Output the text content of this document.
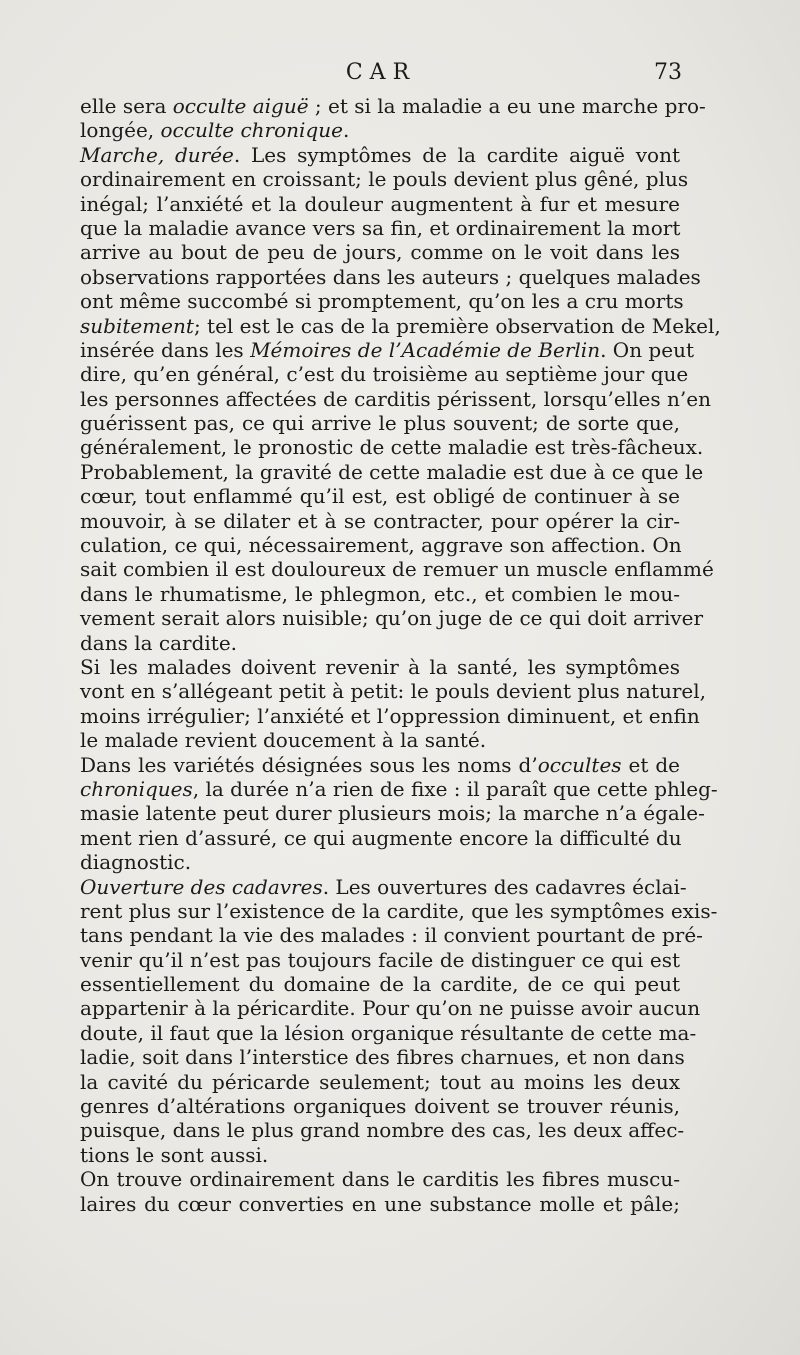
CAR	73
elle sera occulte aiguë ; et si la maladie a eu une marche pro-
longée, occulte chronique.
Marche, durée. Les symptômes de la cardite aiguë vont
ordinairement en croissant; le pouls devient plus gêné, plus
inégal; l’anxiété et la douleur augmentent à fur et mesure
que la maladie avance vers sa fin, et ordinairement la mort
arrive au bout de peu de jours, comme on le voit dans les
observations rapportées dans les auteurs ; quelques malades
ont même succombé si promptement, qu’on les a cru morts
subitement; tel est le cas de la première observation de Mekel,
insérée dans les Mémoires de l’Académie de Berlin. On peut
dire, qu’en général, c’est du troisième au septième jour que
les personnes affectées de carditis périssent, lorsqu’elles n’en
guérissent pas, ce qui arrive le plus souvent; de sorte que,
généralement, le pronostic de cette maladie est très-fâcheux.
Probablement, la gravité de cette maladie est due à ce que le
cœur, tout enflammé qu’il est, est obligé de continuer à se
mouvoir, à se dilater et à se contracter, pour opérer la cir-
culation, ce qui, nécessairement, aggrave son affection. On
sait combien il est douloureux de remuer un muscle enflammé
dans le rhumatisme, le phlegmon, etc., et combien le mou-
vement serait alors nuisible; qu’on juge de ce qui doit arriver
dans la cardite.
Si les malades doivent revenir à la santé, les symptômes
vont en s’allégeant petit à petit: le pouls devient plus naturel,
moins irrégulier; l’anxiété et l’oppression diminuent, et enfin
le malade revient doucement à la santé.
Dans les variétés désignées sous les noms d’occultes et de
chroniques, la durée n’a rien de fixe : il paraît que cette phleg-
masie latente peut durer plusieurs mois; la marche n’a égale-
ment rien d’assuré, ce qui augmente encore la difficulté du
diagnostic.
Ouverture des cadavres. Les ouvertures des cadavres éclai-
rent plus sur l’existence de la cardite, que les symptômes exis-
tans pendant la vie des malades : il convient pourtant de pré-
venir qu’il n’est pas toujours facile de distinguer ce qui est
essentiellement du domaine de la cardite, de ce qui peut
appartenir à la péricardite. Pour qu’on ne puisse avoir aucun
doute, il faut que la lésion organique résultante de cette ma-
ladie, soit dans l’interstice des fibres charnues, et non dans
la cavité du péricarde seulement; tout au moins les deux
genres d’altérations organiques doivent se trouver réunis,
puisque, dans le plus grand nombre des cas, les deux affec-
tions le sont aussi.
On trouve ordinairement dans le carditis les fibres muscu-
laires du cœur converties en une substance molle et pâle;
